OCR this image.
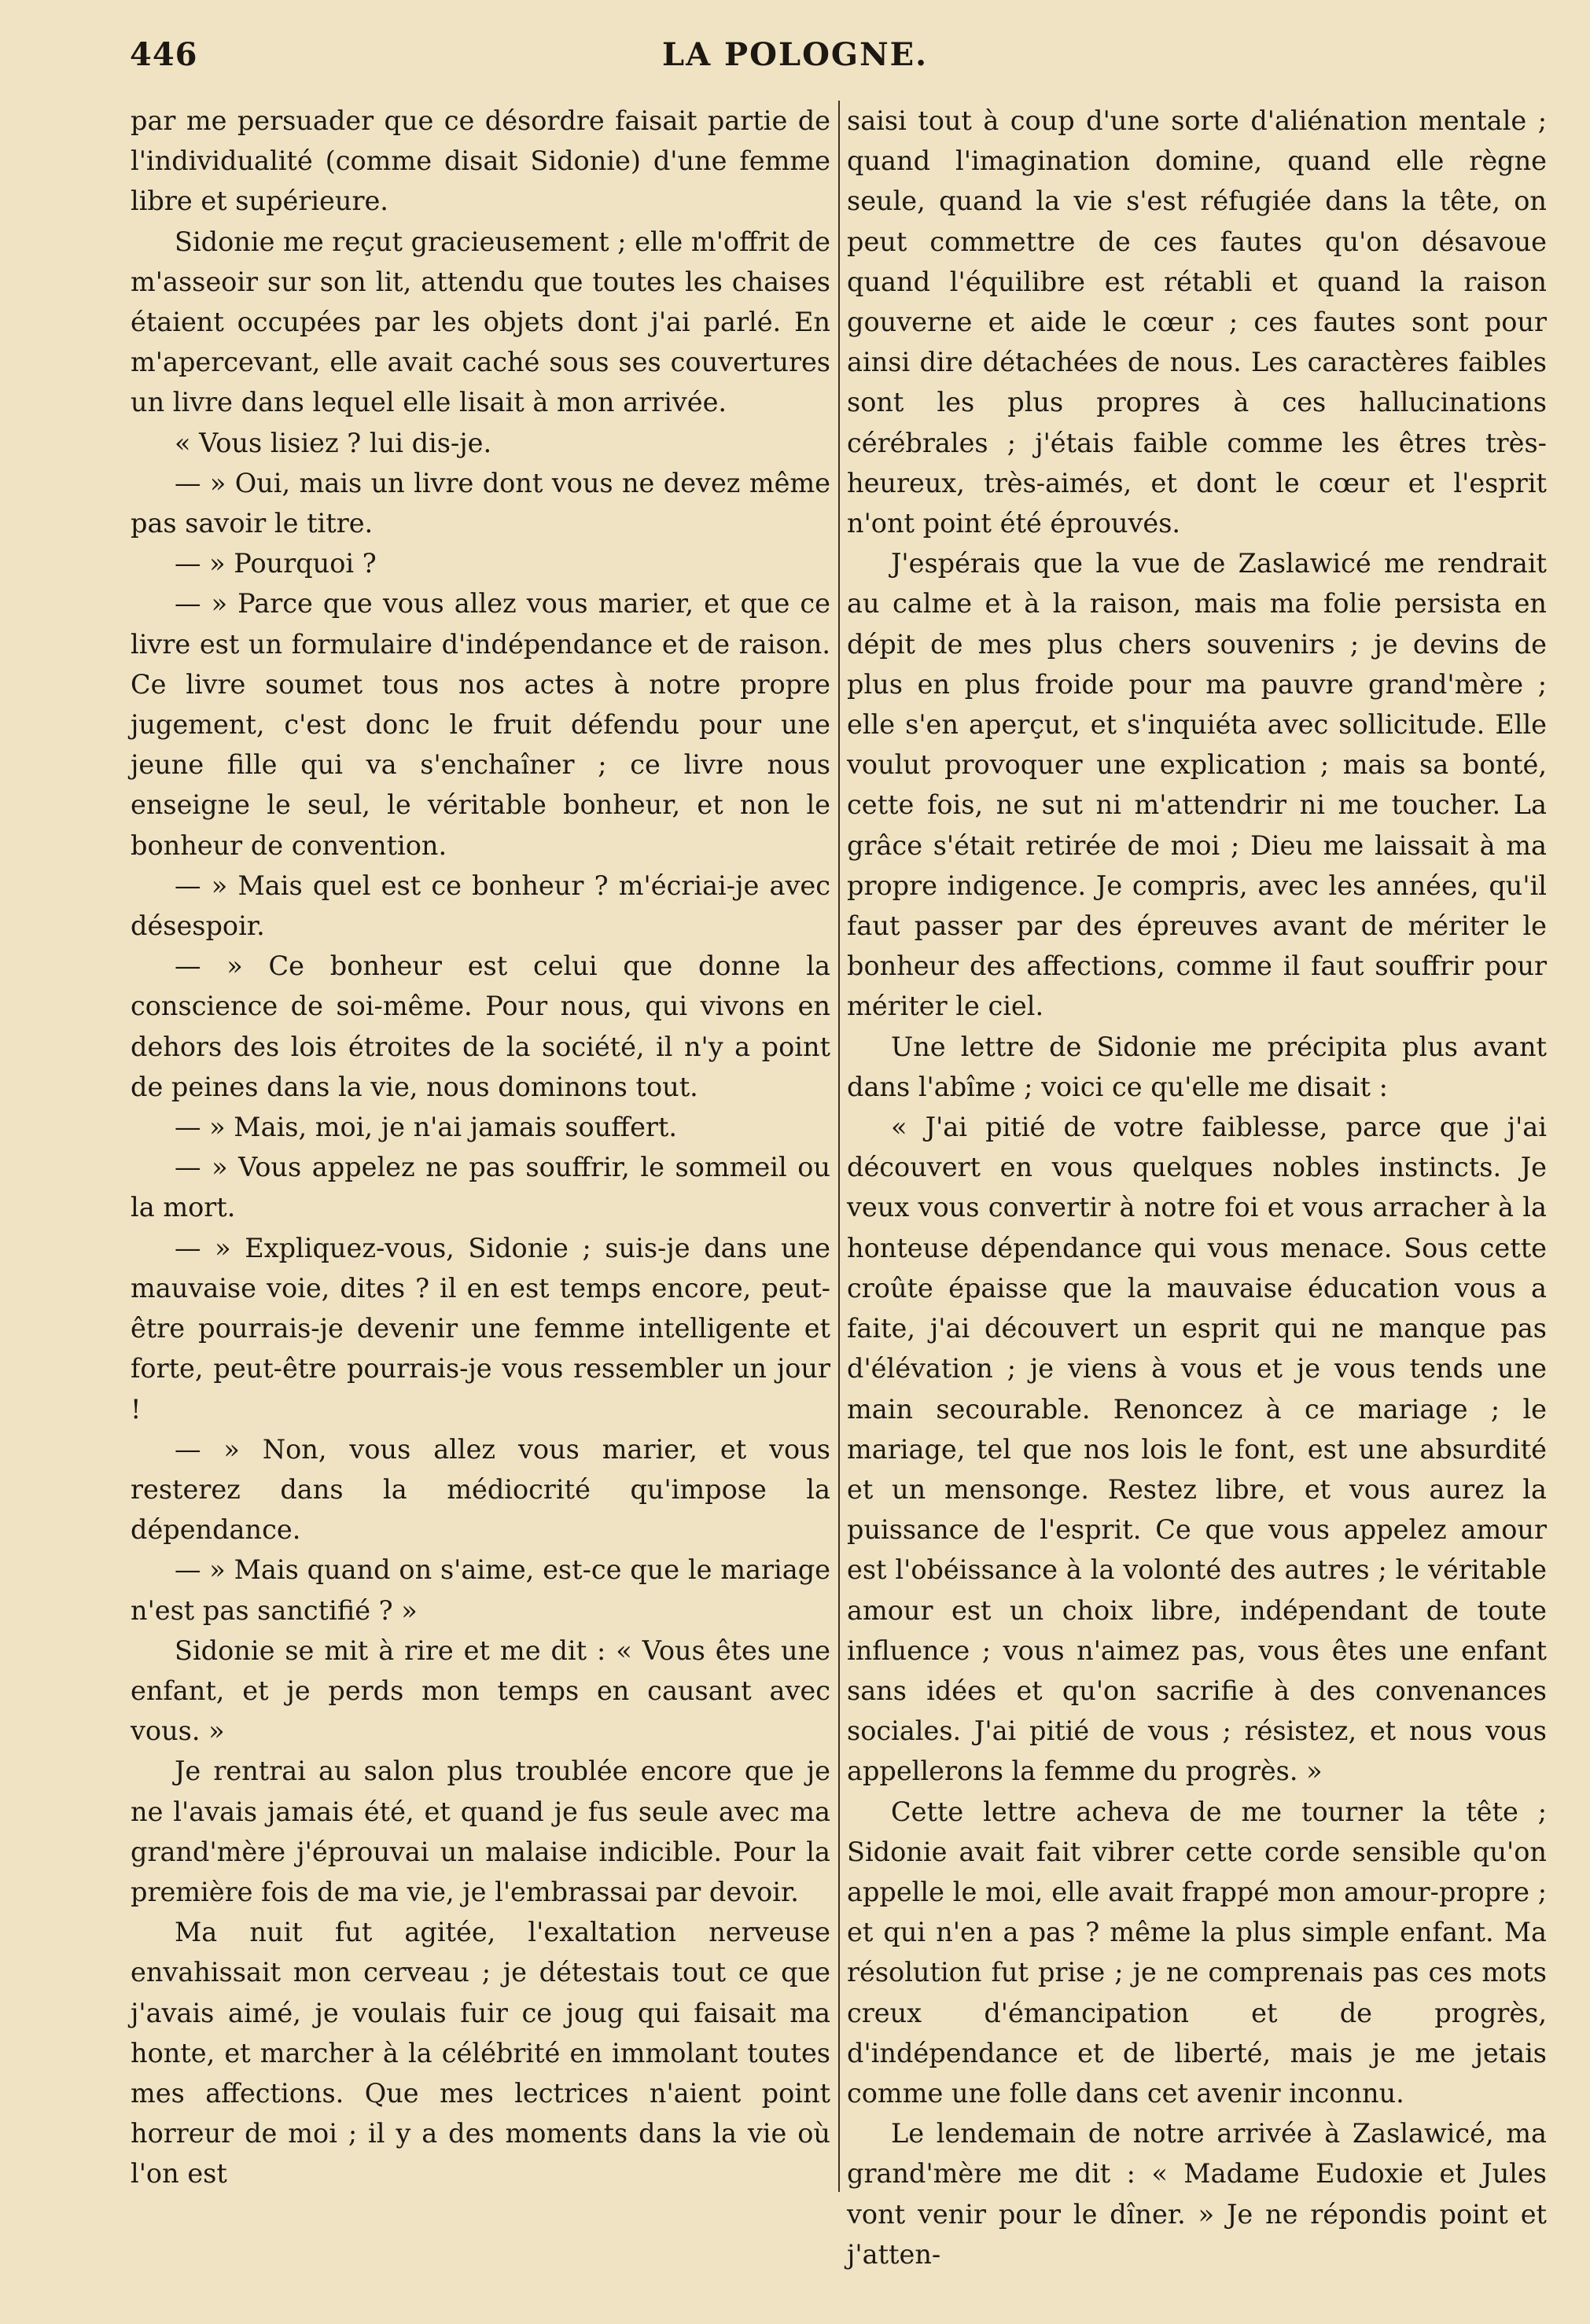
446	LA POLOGNE.

par me persuader que ce désordre faisait partie de l'individualité (comme disait Sidonie) d'une femme libre et supérieure.

Sidonie me reçut gracieusement ; elle m'offrit de m'asseoir sur son lit, attendu que toutes les chaises étaient occupées par les objets dont j'ai parlé. En m'apercevant, elle avait caché sous ses couvertures un livre dans lequel elle lisait à mon arrivée.

« Vous lisiez ? lui dis-je.

— » Oui, mais un livre dont vous ne devez même pas savoir le titre.

— » Pourquoi ?

— » Parce que vous allez vous marier, et que ce livre est un formulaire d'indépendance et de raison. Ce livre soumet tous nos actes à notre propre jugement, c'est donc le fruit défendu pour une jeune fille qui va s'enchaîner ; ce livre nous enseigne le seul, le véritable bonheur, et non le bonheur de convention.

— » Mais quel est ce bonheur ? m'écriai-je avec désespoir.

— » Ce bonheur est celui que donne la conscience de soi-même. Pour nous, qui vivons en dehors des lois étroites de la société, il n'y a point de peines dans la vie, nous dominons tout.

— » Mais, moi, je n'ai jamais souffert.

— » Vous appelez ne pas souffrir, le sommeil ou la mort.

— » Expliquez-vous, Sidonie ; suis-je dans une mauvaise voie, dites ? il en est temps encore, peut-être pourrais-je devenir une femme intelligente et forte, peut-être pourrais-je vous ressembler un jour !

— » Non, vous allez vous marier, et vous resterez dans la médiocrité qu'impose la dépendance.

— » Mais quand on s'aime, est-ce que le mariage n'est pas sanctifié ? »

Sidonie se mit à rire et me dit : « Vous êtes une enfant, et je perds mon temps en causant avec vous. »

Je rentrai au salon plus troublée encore que je ne l'avais jamais été, et quand je fus seule avec ma grand'mère j'éprouvai un malaise indicible. Pour la première fois de ma vie, je l'embrassai par devoir.

Ma nuit fut agitée, l'exaltation nerveuse envahissait mon cerveau ; je détestais tout ce que j'avais aimé, je voulais fuir ce joug qui faisait ma honte, et marcher à la célébrité en immolant toutes mes affections. Que mes lectrices n'aient point horreur de moi ; il y a des moments dans la vie où l'on est

saisi tout à coup d'une sorte d'aliénation mentale ; quand l'imagination domine, quand elle règne seule, quand la vie s'est réfugiée dans la tête, on peut commettre de ces fautes qu'on désavoue quand l'équilibre est rétabli et quand la raison gouverne et aide le cœur ; ces fautes sont pour ainsi dire détachées de nous. Les caractères faibles sont les plus propres à ces hallucinations cérébrales ; j'étais faible comme les êtres très-heureux, très-aimés, et dont le cœur et l'esprit n'ont point été éprouvés.

J'espérais que la vue de Zaslawicé me rendrait au calme et à la raison, mais ma folie persista en dépit de mes plus chers souvenirs ; je devins de plus en plus froide pour ma pauvre grand'mère ; elle s'en aperçut, et s'inquiéta avec sollicitude. Elle voulut provoquer une explication ; mais sa bonté, cette fois, ne sut ni m'attendrir ni me toucher. La grâce s'était retirée de moi ; Dieu me laissait à ma propre indigence. Je compris, avec les années, qu'il faut passer par des épreuves avant de mériter le bonheur des affections, comme il faut souffrir pour mériter le ciel.

Une lettre de Sidonie me précipita plus avant dans l'abîme ; voici ce qu'elle me disait :

« J'ai pitié de votre faiblesse, parce que j'ai découvert en vous quelques nobles instincts. Je veux vous convertir à notre foi et vous arracher à la honteuse dépendance qui vous menace. Sous cette croûte épaisse que la mauvaise éducation vous a faite, j'ai découvert un esprit qui ne manque pas d'élévation ; je viens à vous et je vous tends une main secourable. Renoncez à ce mariage ; le mariage, tel que nos lois le font, est une absurdité et un mensonge. Restez libre, et vous aurez la puissance de l'esprit. Ce que vous appelez amour est l'obéissance à la volonté des autres ; le véritable amour est un choix libre, indépendant de toute influence ; vous n'aimez pas, vous êtes une enfant sans idées et qu'on sacrifie à des convenances sociales. J'ai pitié de vous ; résistez, et nous vous appellerons la femme du progrès. »

Cette lettre acheva de me tourner la tête ; Sidonie avait fait vibrer cette corde sensible qu'on appelle le moi, elle avait frappé mon amour-propre ; et qui n'en a pas ? même la plus simple enfant. Ma résolution fut prise ; je ne comprenais pas ces mots creux d'émancipation et de progrès, d'indépendance et de liberté, mais je me jetais comme une folle dans cet avenir inconnu.

Le lendemain de notre arrivée à Zaslawicé, ma grand'mère me dit : « Madame Eudoxie et Jules vont venir pour le dîner. » Je ne répondis point et j'atten-
